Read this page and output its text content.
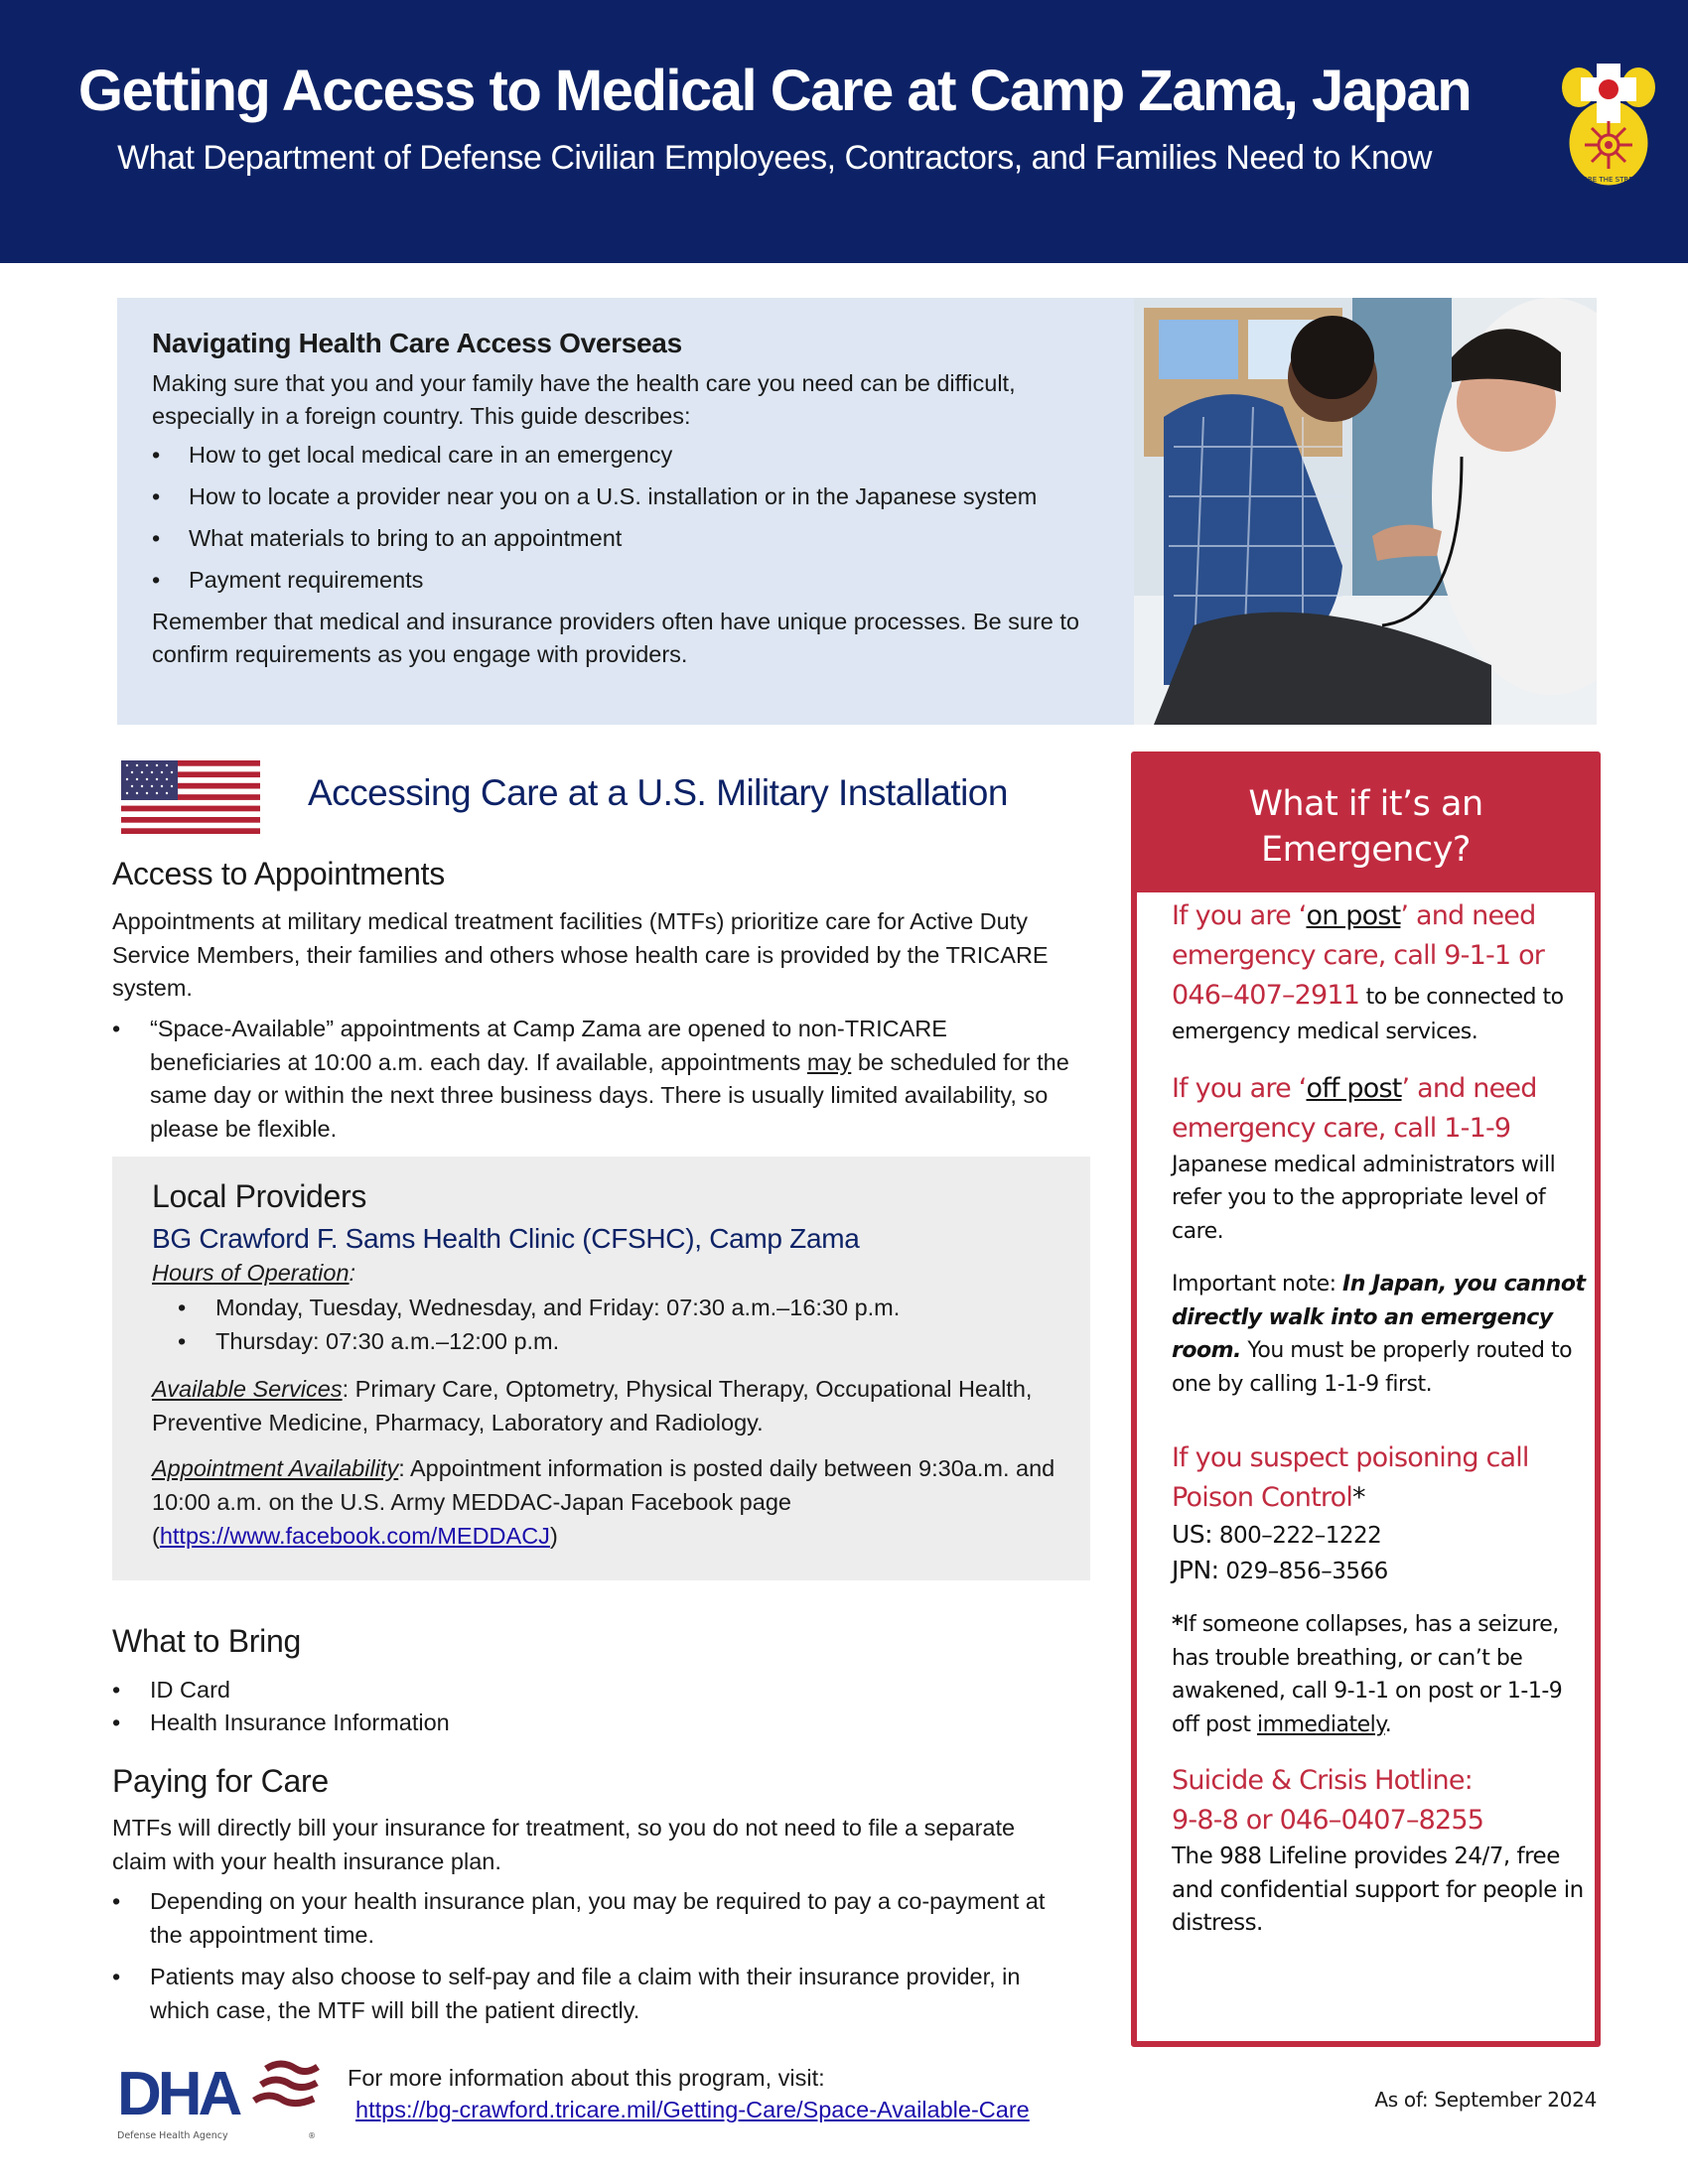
Getting Access to Medical Care at Camp Zama, Japan
What Department of Defense Civilian Employees, Contractors, and Families Need to Know
RESTORE THE STRENGTH
Navigating Health Care Access Overseas

Making sure that you and your family have the health care you need can be difficult, especially in a foreign country. This guide describes:

• How to get local medical care in an emergency
• How to locate a provider near you on a U.S. installation or in the Japanese system
• What materials to bring to an appointment
• Payment requirements

Remember that medical and insurance providers often have unique processes. Be sure to confirm requirements as you engage with providers.

Accessing Care at a U.S. Military Installation
Access to Appointments
Appointments at military medical treatment facilities (MTFs) prioritize care for Active Duty Service Members, their families and others whose health care is provided by the TRICARE system.
• “Space-Available” appointments at Camp Zama are opened to non-TRICARE beneficiaries at 10:00 a.m. each day. If available, appointments may be scheduled for the same day or within the next three business days. There is usually limited availability, so please be flexible.
Local Providers
BG Crawford F. Sams Health Clinic (CFSHC), Camp Zama
Hours of Operation:
• Monday, Tuesday, Wednesday, and Friday: 07:30 a.m.–16:30 p.m.
• Thursday: 07:30 a.m.–12:00 p.m.

Available Services: Primary Care, Optometry, Physical Therapy, Occupational Health, Preventive Medicine, Pharmacy, Laboratory and Radiology.

Appointment Availability: Appointment information is posted daily between 9:30a.m. and 10:00 a.m. on the U.S. Army MEDDAC-Japan Facebook page (https://www.facebook.com/MEDDACJ)

What to Bring
• ID Card
• Health Insurance Information
Paying for Care
MTFs will directly bill your insurance for treatment, so you do not need to file a separate claim with your health insurance plan.
• Depending on your health insurance plan, you may be required to pay a co-payment at the appointment time.
• Patients may also choose to self-pay and file a claim with their insurance provider, in which case, the MTF will bill the patient directly.
What if it’s an
Emergency?
If you are ‘on post’ and need emergency care, call 9-1-1 or 046–407–2911 to be connected to emergency medical services.
If you are ‘off post’ and need emergency care, call 1-1-9
Japanese medical administrators will refer you to the appropriate level of care.
Important note: In Japan, you cannot directly walk into an emergency room. You must be properly routed to one by calling 1-1-9 first.
If you suspect poisoning call Poison Control*
US: 800–222–1222
JPN: 029–856–3566
*If someone collapses, has a seizure, has trouble breathing, or can’t be awakened, call 9-1-1 on post or 1-1-9 off post immediately.
Suicide & Crisis Hotline:
9-8-8 or 046–0407–8255
The 988 Lifeline provides 24/7, free and confidential support for people in distress.
DHA
Defense Health Agency	®
For more information about this program, visit:
https://bg-crawford.tricare.mil/Getting-Care/Space-Available-Care	As of: September 2024
